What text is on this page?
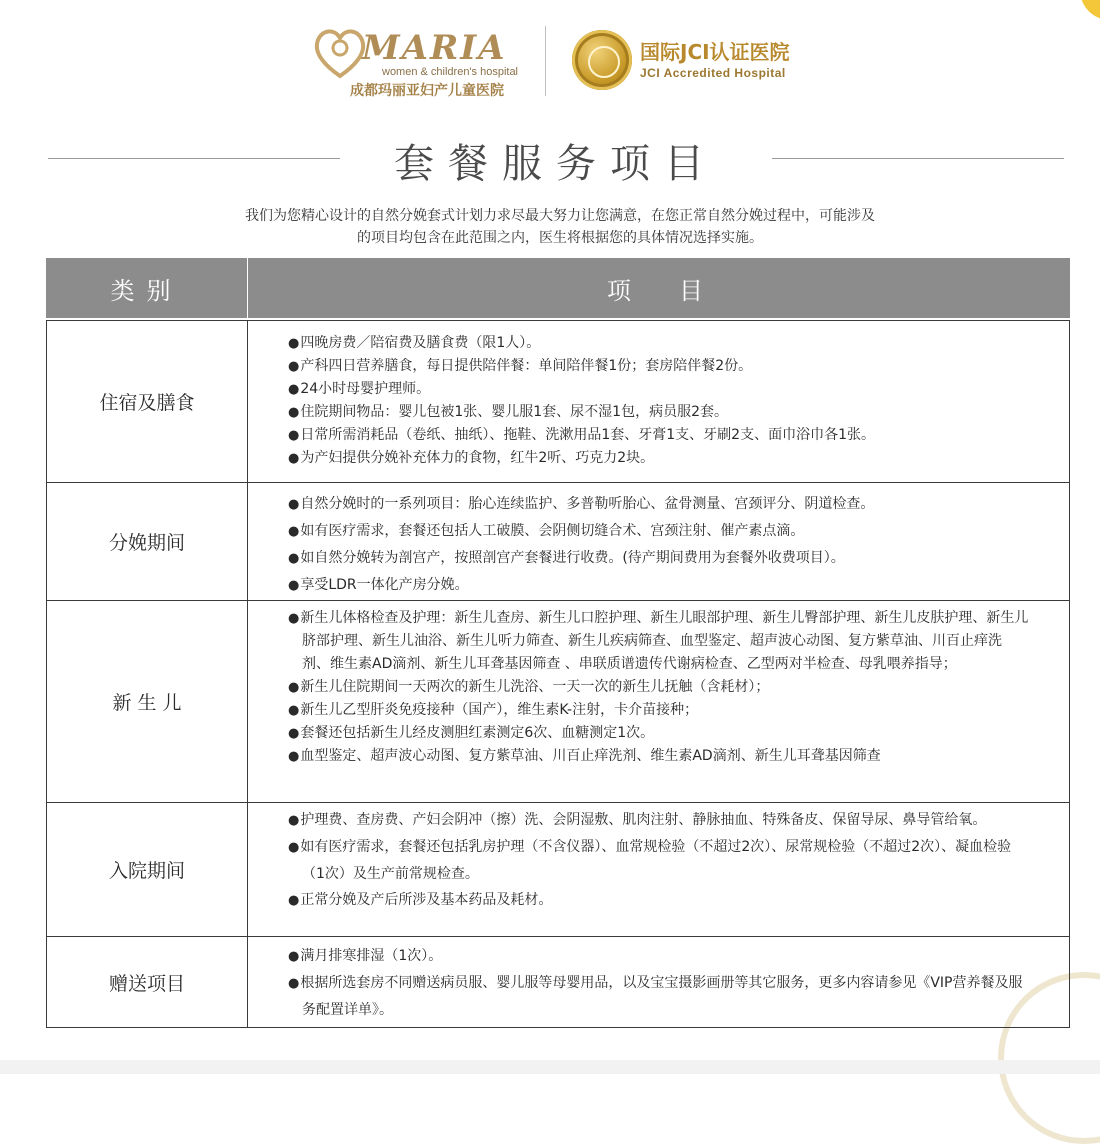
MARIA
women & children's hospital
成都玛丽亚妇产儿童医院
国际JCI认证医院
JCI Accredited Hospital
套餐服务项目
我们为您精心设计的自然分娩套式计划力求尽最大努力让您满意，在您正常自然分娩过程中，可能涉及
的项目均包含在此范围之内，医生将根据您的具体情况选择实施。
类别	项目
住宿及膳食

● 四晚房费／陪宿费及膳食费（限1人）。

● 产科四日营养膳食，每日提供陪伴餐：单间陪伴餐1份；套房陪伴餐2份。

● 24小时母婴护理师。

● 住院期间物品：婴儿包被1张、婴儿服1套、尿不湿1包，病员服2套。

● 日常所需消耗品（卷纸、抽纸）、拖鞋、洗漱用品1套、牙膏1支、牙刷2支、面巾浴巾各1张。

● 为产妇提供分娩补充体力的食物，红牛2听、巧克力2块。

分娩期间

● 自然分娩时的一系列项目：胎心连续监护、多普勒听胎心、盆骨测量、宫颈评分、阴道检查。

● 如有医疗需求，套餐还包括人工破膜、会阴侧切缝合术、宫颈注射、催产素点滴。

● 如自然分娩转为剖宫产，按照剖宫产套餐进行收费。(待产期间费用为套餐外收费项目）。

● 享受LDR一体化产房分娩。

新 生 儿

● 新生儿体格检查及护理：新生儿查房、新生儿口腔护理、新生儿眼部护理、新生儿臀部护理、新生儿皮肤护理、新生儿脐部护理、新生儿油浴、新生儿听力筛查、新生儿疾病筛查、血型鉴定、超声波心动图、复方紫草油、川百止痒洗剂、维生素AD滴剂、新生儿耳聋基因筛查 、串联质谱遗传代谢病检查、乙型两对半检查、母乳喂养指导；

● 新生儿住院期间一天两次的新生儿洗浴、一天一次的新生儿抚触（含耗材）；

● 新生儿乙型肝炎免疫接种（国产），维生素K-注射，卡介苗接种；

● 套餐还包括新生儿经皮测胆红素测定6次、血糖测定1次。

● 血型鉴定、超声波心动图、复方紫草油、川百止痒洗剂、维生素AD滴剂、新生儿耳聋基因筛查

入院期间

● 护理费、查房费、产妇会阴冲（擦）洗、会阴湿敷、肌肉注射、静脉抽血、特殊备皮、保留导尿、鼻导管给氧。

● 如有医疗需求，套餐还包括乳房护理（不含仪器）、血常规检验（不超过2次）、尿常规检验（不超过2次）、凝血检验（1次）及生产前常规检查。

● 正常分娩及产后所涉及基本药品及耗材。

赠送项目

● 满月排寒排湿（1次）。

● 根据所选套房不同赠送病员服、婴儿服等母婴用品，以及宝宝摄影画册等其它服务，更多内容请参见《VIP营养餐及服务配置详单》。
